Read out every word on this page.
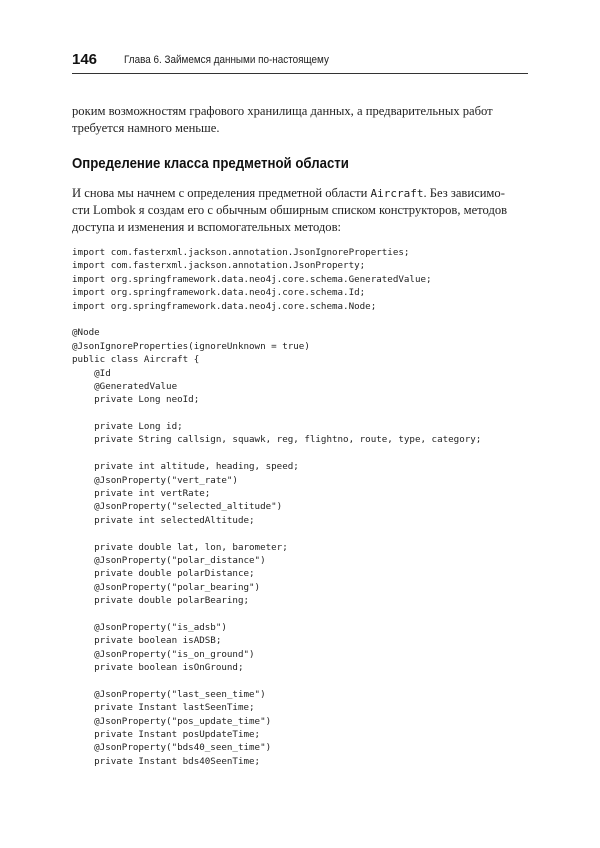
146 Глава 6. Займемся данными по-настоящему
роким возможностям графового хранилища данных, а предварительных работ
требуется намного меньше.
Определение класса предметной области
И снова мы начнем с определения предметной области Aircraft. Без зависимо-
сти Lombok я создам его с обычным обширным списком конструкторов, методов
доступа и изменения и вспомогательных методов:
import com.fasterxml.jackson.annotation.JsonIgnoreProperties;
import com.fasterxml.jackson.annotation.JsonProperty;
import org.springframework.data.neo4j.core.schema.GeneratedValue;
import org.springframework.data.neo4j.core.schema.Id;
import org.springframework.data.neo4j.core.schema.Node;
@Node
@JsonIgnoreProperties(ignoreUnknown = true)
public class Aircraft {
@Id
@GeneratedValue
private Long neoId;
private Long id;
private String callsign, squawk, reg, flightno, route, type, category;
private int altitude, heading, speed;
@JsonProperty("vert_rate")
private int vertRate;
@JsonProperty("selected_altitude")
private int selectedAltitude;
private double lat, lon, barometer;
@JsonProperty("polar_distance")
private double polarDistance;
@JsonProperty("polar_bearing")
private double polarBearing;
@JsonProperty("is_adsb")
private boolean isADSB;
@JsonProperty("is_on_ground")
private boolean isOnGround;
@JsonProperty("last_seen_time")
private Instant lastSeenTime;
@JsonProperty("pos_update_time")
private Instant posUpdateTime;
@JsonProperty("bds40_seen_time")
private Instant bds40SeenTime;
